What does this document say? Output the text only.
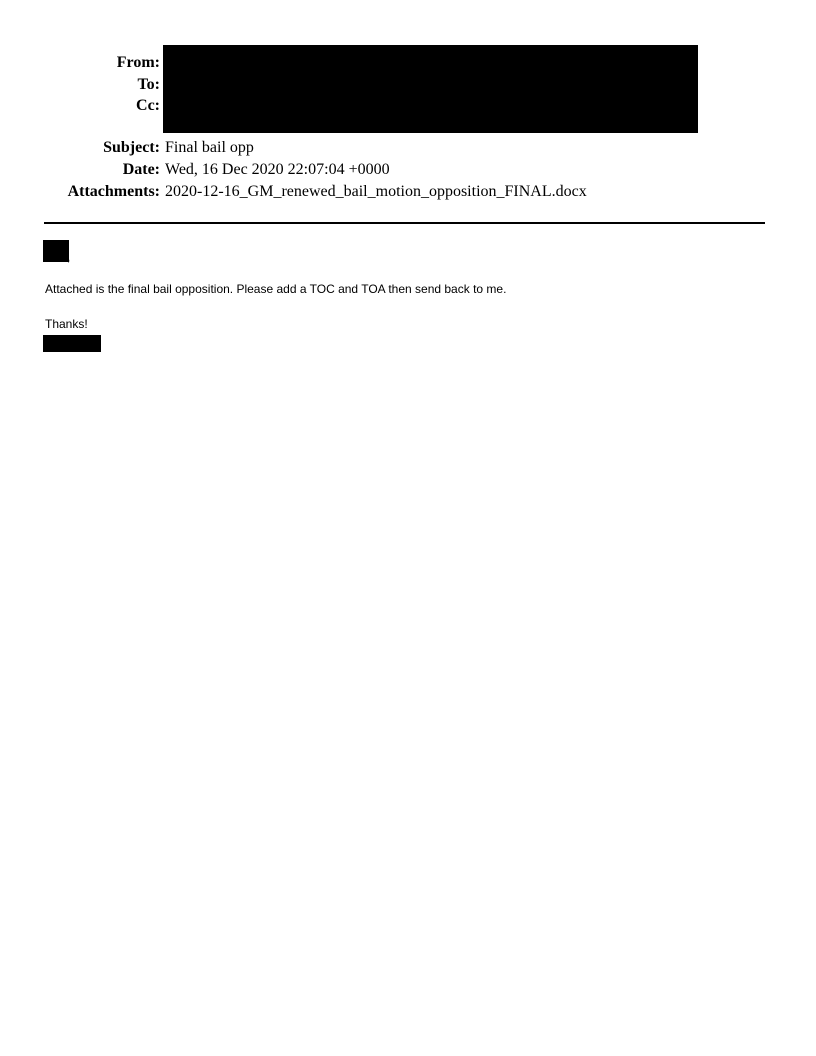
From:
To:
Cc:
Subject: Final bail opp
Date: Wed, 16 Dec 2020 22:07:04 +0000
Attachments: 2020-12-16_GM_renewed_bail_motion_opposition_FINAL.docx
,
Attached is the final bail opposition. Please add a TOC and TOA then send back to me.
Thanks!
